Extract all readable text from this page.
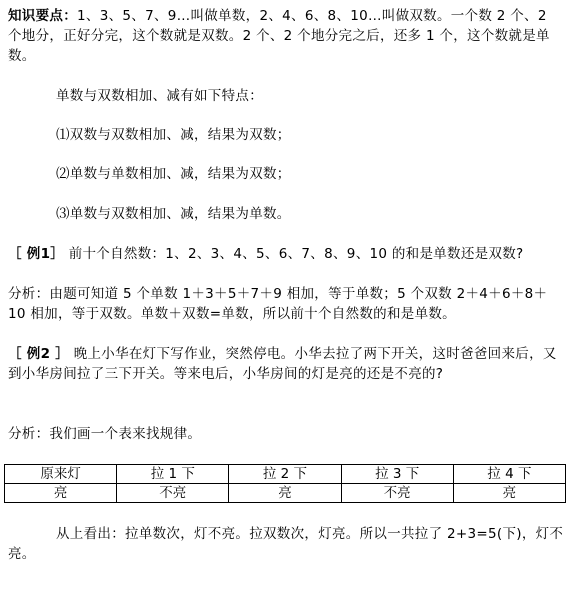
知识要点：1、3、5、7、9…叫做单数，2、4、6、8、10…叫做双数。一个数 2 个、2 个地分，正好分完，这个数就是双数。2 个、2 个地分完之后，还多 1 个，这个数就是单数。
单数与双数相加、减有如下特点：
⑴双数与双数相加、减，结果为双数；
⑵单数与单数相加、减，结果为双数；
⑶单数与双数相加、减，结果为单数。
［ 例1］ 前十个自然数：1、2、3、4、5、6、7、8、9、10 的和是单数还是双数?
分析：由题可知道 5 个单数 1＋3＋5＋7＋9 相加，等于单数；5 个双数 2＋4＋6＋8＋10 相加，等于双数。单数＋双数=单数，所以前十个自然数的和是单数。
［ 例2 ］ 晚上小华在灯下写作业，突然停电。小华去拉了两下开关，这时爸爸回来后，又到小华房间拉了三下开关。等来电后，小华房间的灯是亮的还是不亮的?
分析：我们画一个表来找规律。
原来灯	拉 1 下	拉 2 下	拉 3 下	拉 4 下
亮	不亮	亮	不亮	亮
从上看出：拉单数次，灯不亮。拉双数次，灯亮。所以一共拉了 2+3=5(下)，灯不亮。
